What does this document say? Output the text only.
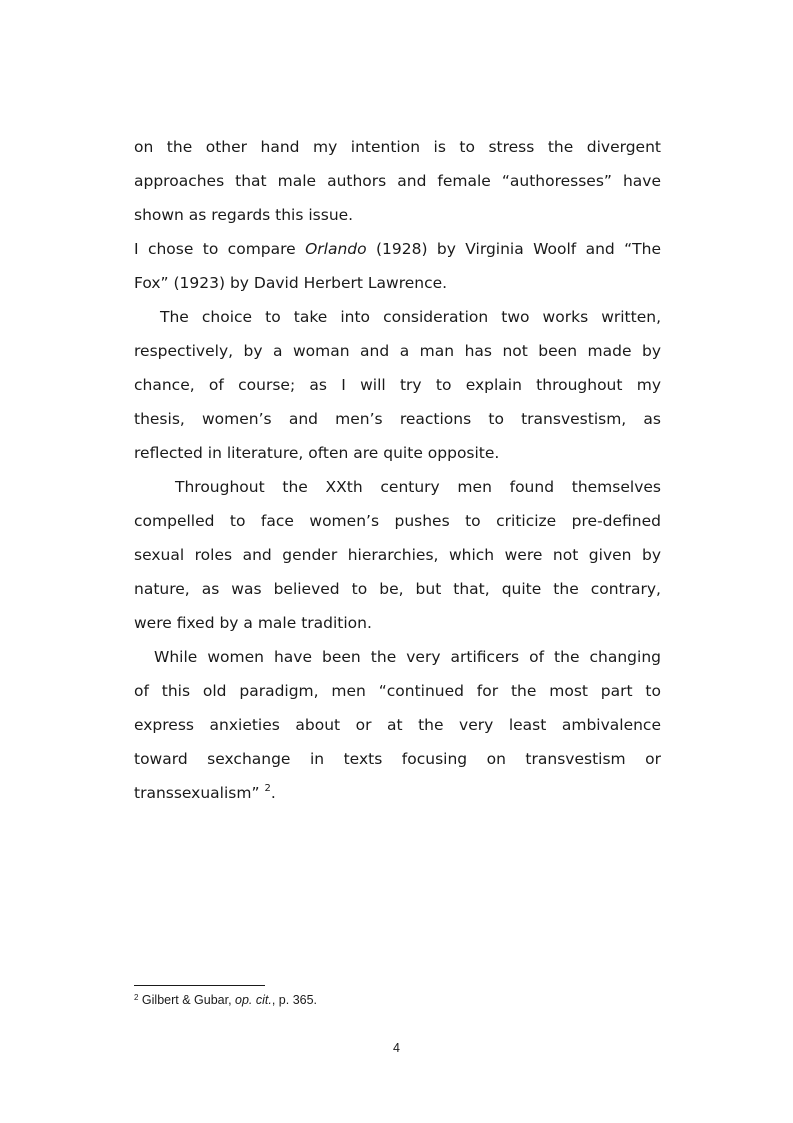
on the other hand my intention is to stress the divergent
approaches that male authors and female “authoresses” have
shown as regards this issue.
I chose to compare Orlando (1928) by Virginia Woolf and “The
Fox” (1923) by David Herbert Lawrence.
The choice to take into consideration two works written,
respectively, by a woman and a man has not been made by
chance, of course; as I will try to explain throughout my
thesis, women’s and men’s reactions to transvestism, as
reflected in literature, often are quite opposite.
Throughout the XXth century men found themselves
compelled to face women’s pushes to criticize pre-defined
sexual roles and gender hierarchies, which were not given by
nature, as was believed to be, but that, quite the contrary,
were fixed by a male tradition.
While women have been the very artificers of the changing
of this old paradigm, men “continued for the most part to
express anxieties about or at the very least ambivalence
toward sexchange in texts focusing on transvestism or
transsexualism” $^2$.
$^2$ Gilbert & Gubar, op. cit., p. 365.
4
